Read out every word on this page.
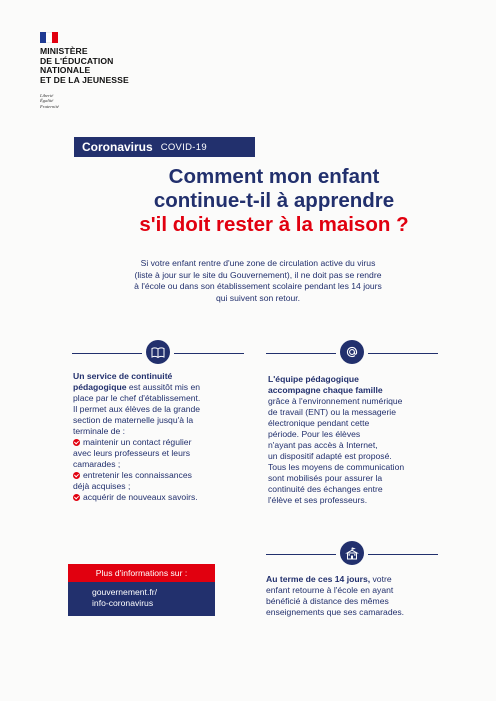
MINISTÈRE
DE L'ÉDUCATION
NATIONALE
ET DE LA JEUNESSE
Liberté
Égalité
Fraternité
Coronavirus COVID-19
Comment mon enfant
continue-t-il à apprendre
s'il doit rester à la maison ?
Si votre enfant rentre d'une zone de circulation active du virus
(liste à jour sur le site du Gouvernement), il ne doit pas se rendre
à l'école ou dans son établissement scolaire pendant les 14 jours
qui suivent son retour.
Un service de continuité
pédagogique est aussitôt mis en
place par le chef d'établissement.
Il permet aux élèves de la grande
section de maternelle jusqu'à la
terminale de :
maintenir un contact régulier
avec leurs professeurs et leurs
camarades ;
entretenir les connaissances
déjà acquises ;
acquérir de nouveaux savoirs.
L'équipe pédagogique
accompagne chaque famille
grâce à l'environnement numérique
de travail (ENT) ou la messagerie
électronique pendant cette
période. Pour les élèves
n'ayant pas accès à Internet,
un dispositif adapté est proposé.
Tous les moyens de communication
sont mobilisés pour assurer la
continuité des échanges entre
l'élève et ses professeurs.
Au terme de ces 14 jours, votre
enfant retourne à l'école en ayant
bénéficié à distance des mêmes
enseignements que ses camarades.
Plus d'informations sur :
gouvernement.fr/
info-coronavirus
